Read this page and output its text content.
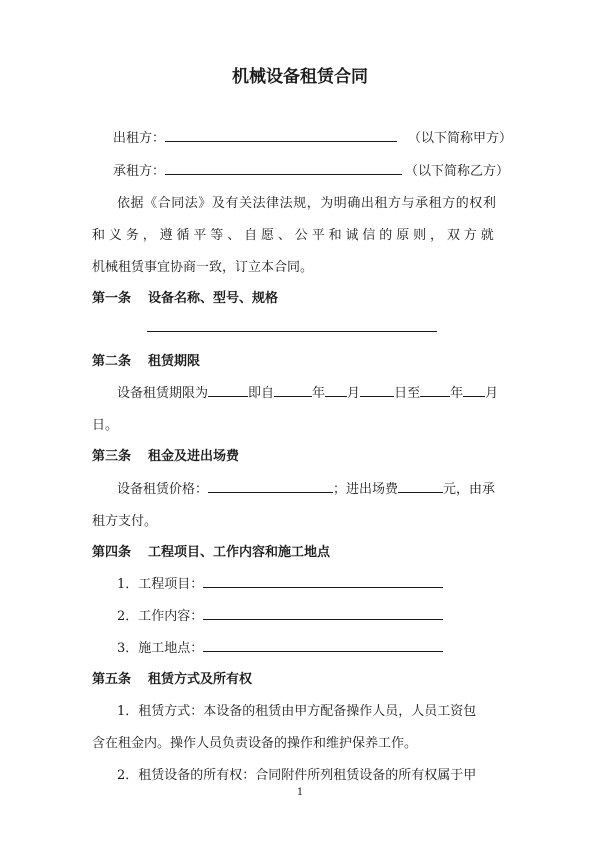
机械设备租赁合同
出租方：	（以下简称甲方）
承租方：	（以下简称乙方）
依据《合同法》及有关法律法规，为明确出租方与承租方的权利
和义务，遵循平等、自愿、公平和诚信的原则，双方就
机械租赁事宜协商一致，订立本合同。
第一条 设备名称、型号、规格
第二条 租赁期限
设备租赁期限为	即自	年 月	日至 年 月
日。
第三条 租金及进出场费
设备租赁价格：	；进出场费	元，由承
租方支付。
第四条 工程项目、工作内容和施工地点
1．工程项目：
2．工作内容：
3．施工地点：
第五条 租赁方式及所有权
1．租赁方式：本设备的租赁由甲方配备操作人员，人员工资包
含在租金内。操作人员负责设备的操作和维护保养工作。
2．租赁设备的所有权：合同附件所列租赁设备的所有权属于甲
1
